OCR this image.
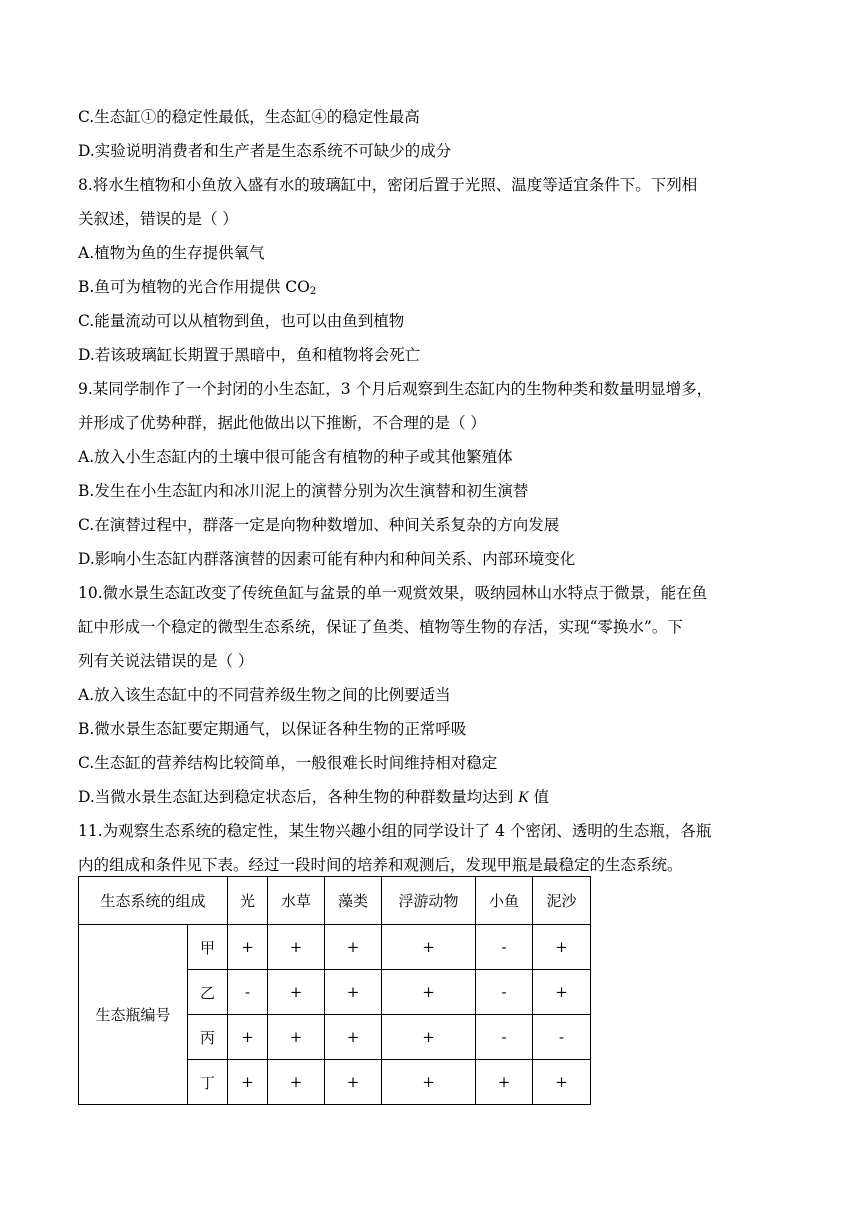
C.生态缸①的稳定性最低，生态缸④的稳定性最高
D.实验说明消费者和生产者是生态系统不可缺少的成分
8.将水生植物和小鱼放入盛有水的玻璃缸中，密闭后置于光照、温度等适宜条件下。下列相
关叙述，错误的是（ ）
A.植物为鱼的生存提供氧气
B.鱼可为植物的光合作用提供 $CO_2$
C.能量流动可以从植物到鱼，也可以由鱼到植物
D.若该玻璃缸长期置于黑暗中，鱼和植物将会死亡
9.某同学制作了一个封闭的小生态缸，3 个月后观察到生态缸内的生物种类和数量明显增多，
并形成了优势种群，据此他做出以下推断，不合理的是（ ）
A.放入小生态缸内的土壤中很可能含有植物的种子或其他繁殖体
B.发生在小生态缸内和冰川泥上的演替分别为次生演替和初生演替
C.在演替过程中，群落一定是向物种数增加、种间关系复杂的方向发展
D.影响小生态缸内群落演替的因素可能有种内和种间关系、内部环境变化
10.微水景生态缸改变了传统鱼缸与盆景的单一观赏效果，吸纳园林山水特点于微景，能在鱼
缸中形成一个稳定的微型生态系统，保证了鱼类、植物等生物的存活，实现“零换水”。下
列有关说法错误的是（ ）
A.放入该生态缸中的不同营养级生物之间的比例要适当
B.微水景生态缸要定期通气，以保证各种生物的正常呼吸
C.生态缸的营养结构比较简单，一般很难长时间维持相对稳定
D.当微水景生态缸达到稳定状态后，各种生物的种群数量均达到 K 值
11.为观察生态系统的稳定性，某生物兴趣小组的同学设计了 4 个密闭、透明的生态瓶，各瓶
内的组成和条件见下表。经过一段时间的培养和观测后，发现甲瓶是最稳定的生态系统。
生态系统的组成		光	水草	藻类	浮游动物	小鱼	泥沙
生态瓶编号	甲	+	+	+	+	-	+
	乙	-	+	+	+	-	+
	丙	+	+	+	+	-	-
	丁	+	+	+	+	+	+
